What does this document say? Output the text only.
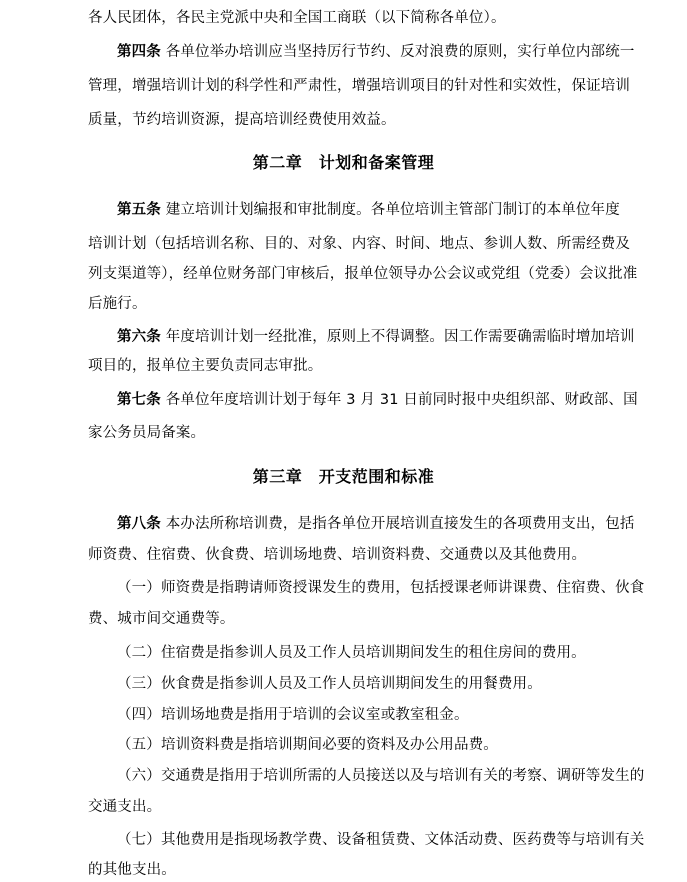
各人民团体，各民主党派中央和全国工商联（以下简称各单位）。
第四条 各单位举办培训应当坚持厉行节约、反对浪费的原则，实行单位内部统一
管理，增强培训计划的科学性和严肃性，增强培训项目的针对性和实效性，保证培训
质量，节约培训资源，提高培训经费使用效益。
第二章　计划和备案管理
第五条 建立培训计划编报和审批制度。各单位培训主管部门制订的本单位年度
培训计划（包括培训名称、目的、对象、内容、时间、地点、参训人数、所需经费及
列支渠道等），经单位财务部门审核后，报单位领导办公会议或党组（党委）会议批准
后施行。
第六条 年度培训计划一经批准，原则上不得调整。因工作需要确需临时增加培训
项目的，报单位主要负责同志审批。
第七条 各单位年度培训计划于每年 3 月 31 日前同时报中央组织部、财政部、国
家公务员局备案。
第三章　开支范围和标准
第八条 本办法所称培训费，是指各单位开展培训直接发生的各项费用支出，包括
师资费、住宿费、伙食费、培训场地费、培训资料费、交通费以及其他费用。
（一）师资费是指聘请师资授课发生的费用，包括授课老师讲课费、住宿费、伙食
费、城市间交通费等。
（二）住宿费是指参训人员及工作人员培训期间发生的租住房间的费用。
（三）伙食费是指参训人员及工作人员培训期间发生的用餐费用。
（四）培训场地费是指用于培训的会议室或教室租金。
（五）培训资料费是指培训期间必要的资料及办公用品费。
（六）交通费是指用于培训所需的人员接送以及与培训有关的考察、调研等发生的
交通支出。
（七）其他费用是指现场教学费、设备租赁费、文体活动费、医药费等与培训有关
的其他支出。
